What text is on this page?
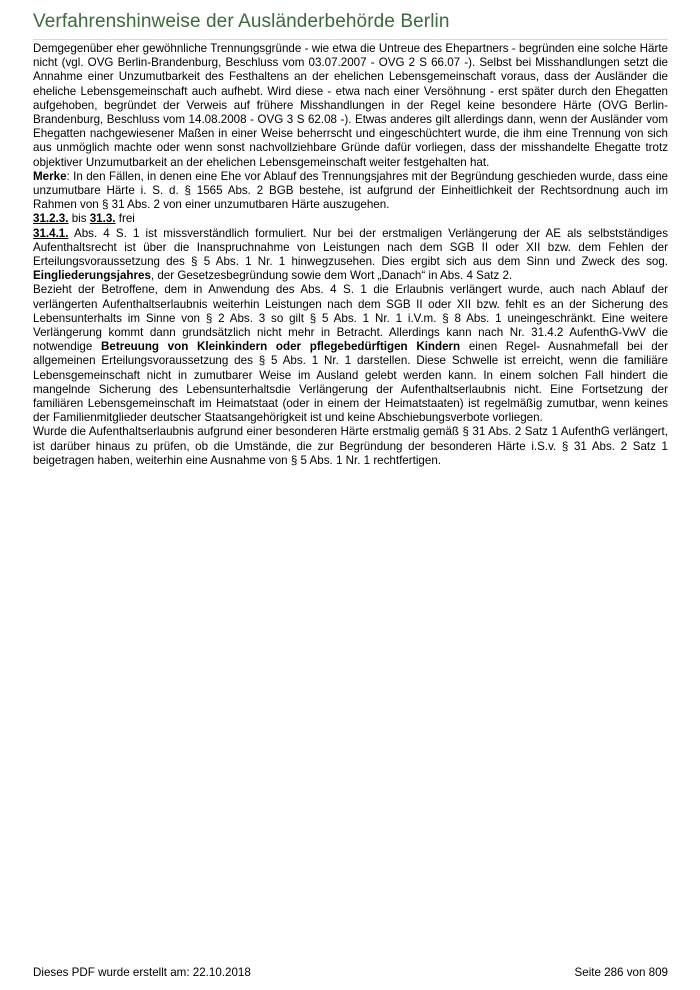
Verfahrenshinweise der Ausländerbehörde Berlin

Demgegenüber eher gewöhnliche Trennungsgründe - wie etwa die Untreue des Ehepartners - begründen eine solche Härte nicht (vgl. OVG Berlin-Brandenburg, Beschluss vom 03.07.2007 - OVG 2 S 66.07 -). Selbst bei Misshandlungen setzt die Annahme einer Unzumutbarkeit des Festhaltens an der ehelichen Lebensgemeinschaft voraus, dass der Ausländer die eheliche Lebensgemeinschaft auch aufhebt. Wird diese - etwa nach einer Versöhnung - erst später durch den Ehegatten aufgehoben, begründet der Verweis auf frühere Misshandlungen in der Regel keine besondere Härte (OVG Berlin-Brandenburg, Beschluss vom 14.08.2008 - OVG 3 S 62.08 -). Etwas anderes gilt allerdings dann, wenn der Ausländer vom Ehegatten nachgewiesener Maßen in einer Weise beherrscht und eingeschüchtert wurde, die ihm eine Trennung von sich aus unmöglich machte oder wenn sonst nachvollziehbare Gründe dafür vorliegen, dass der misshandelte Ehegatte trotz objektiver Unzumutbarkeit an der ehelichen Lebensgemeinschaft weiter festgehalten hat.

Merke: In den Fällen, in denen eine Ehe vor Ablauf des Trennungsjahres mit der Begründung geschieden wurde, dass eine unzumutbare Härte i. S. d. § 1565 Abs. 2 BGB bestehe, ist aufgrund der Einheitlichkeit der Rechtsordnung auch im Rahmen von § 31 Abs. 2 von einer unzumutbaren Härte auszugehen.

31.2.3. bis 31.3. frei

31.4.1. Abs. 4 S. 1 ist missverständlich formuliert. Nur bei der erstmaligen Verlängerung der AE als selbstständiges Aufenthaltsrecht ist über die Inanspruchnahme von Leistungen nach dem SGB II oder XII bzw. dem Fehlen der Erteilungsvoraussetzung des § 5 Abs. 1 Nr. 1 hinwegzusehen. Dies ergibt sich aus dem Sinn und Zweck des sog. Eingliederungsjahres, der Gesetzesbegründung sowie dem Wort „Danach“ in Abs. 4 Satz 2.

Bezieht der Betroffene, dem in Anwendung des Abs. 4 S. 1 die Erlaubnis verlängert wurde, auch nach Ablauf der verlängerten Aufenthaltserlaubnis weiterhin Leistungen nach dem SGB II oder XII bzw. fehlt es an der Sicherung des Lebensunterhalts im Sinne von § 2 Abs. 3 so gilt § 5 Abs. 1 Nr. 1 i.V.m. § 8 Abs. 1 uneingeschränkt. Eine weitere Verlängerung kommt dann grundsätzlich nicht mehr in Betracht. Allerdings kann nach Nr. 31.4.2 AufenthG-VwV die notwendige Betreuung von Kleinkindern oder pflegebedürftigen Kindern einen Regel- Ausnahmefall bei der allgemeinen Erteilungsvoraussetzung des § 5 Abs. 1 Nr. 1 darstellen. Diese Schwelle ist erreicht, wenn die familiäre Lebensgemeinschaft nicht in zumutbarer Weise im Ausland gelebt werden kann. In einem solchen Fall hindert die mangelnde Sicherung des Lebensunterhaltsdie Verlängerung der Aufenthaltserlaubnis nicht. Eine Fortsetzung der familiären Lebensgemeinschaft im Heimatstaat (oder in einem der Heimatstaaten) ist regelmäßig zumutbar, wenn keines der Familienmitglieder deutscher Staatsangehörigkeit ist und keine Abschiebungsverbote vorliegen.

Wurde die Aufenthaltserlaubnis aufgrund einer besonderen Härte erstmalig gemäß § 31 Abs. 2 Satz 1 AufenthG verlängert, ist darüber hinaus zu prüfen, ob die Umstände, die zur Begründung der besonderen Härte i.S.v. § 31 Abs. 2 Satz 1 beigetragen haben, weiterhin eine Ausnahme von § 5 Abs. 1 Nr. 1 rechtfertigen.

Dieses PDF wurde erstellt am: 22.10.2018	Seite 286 von 809
